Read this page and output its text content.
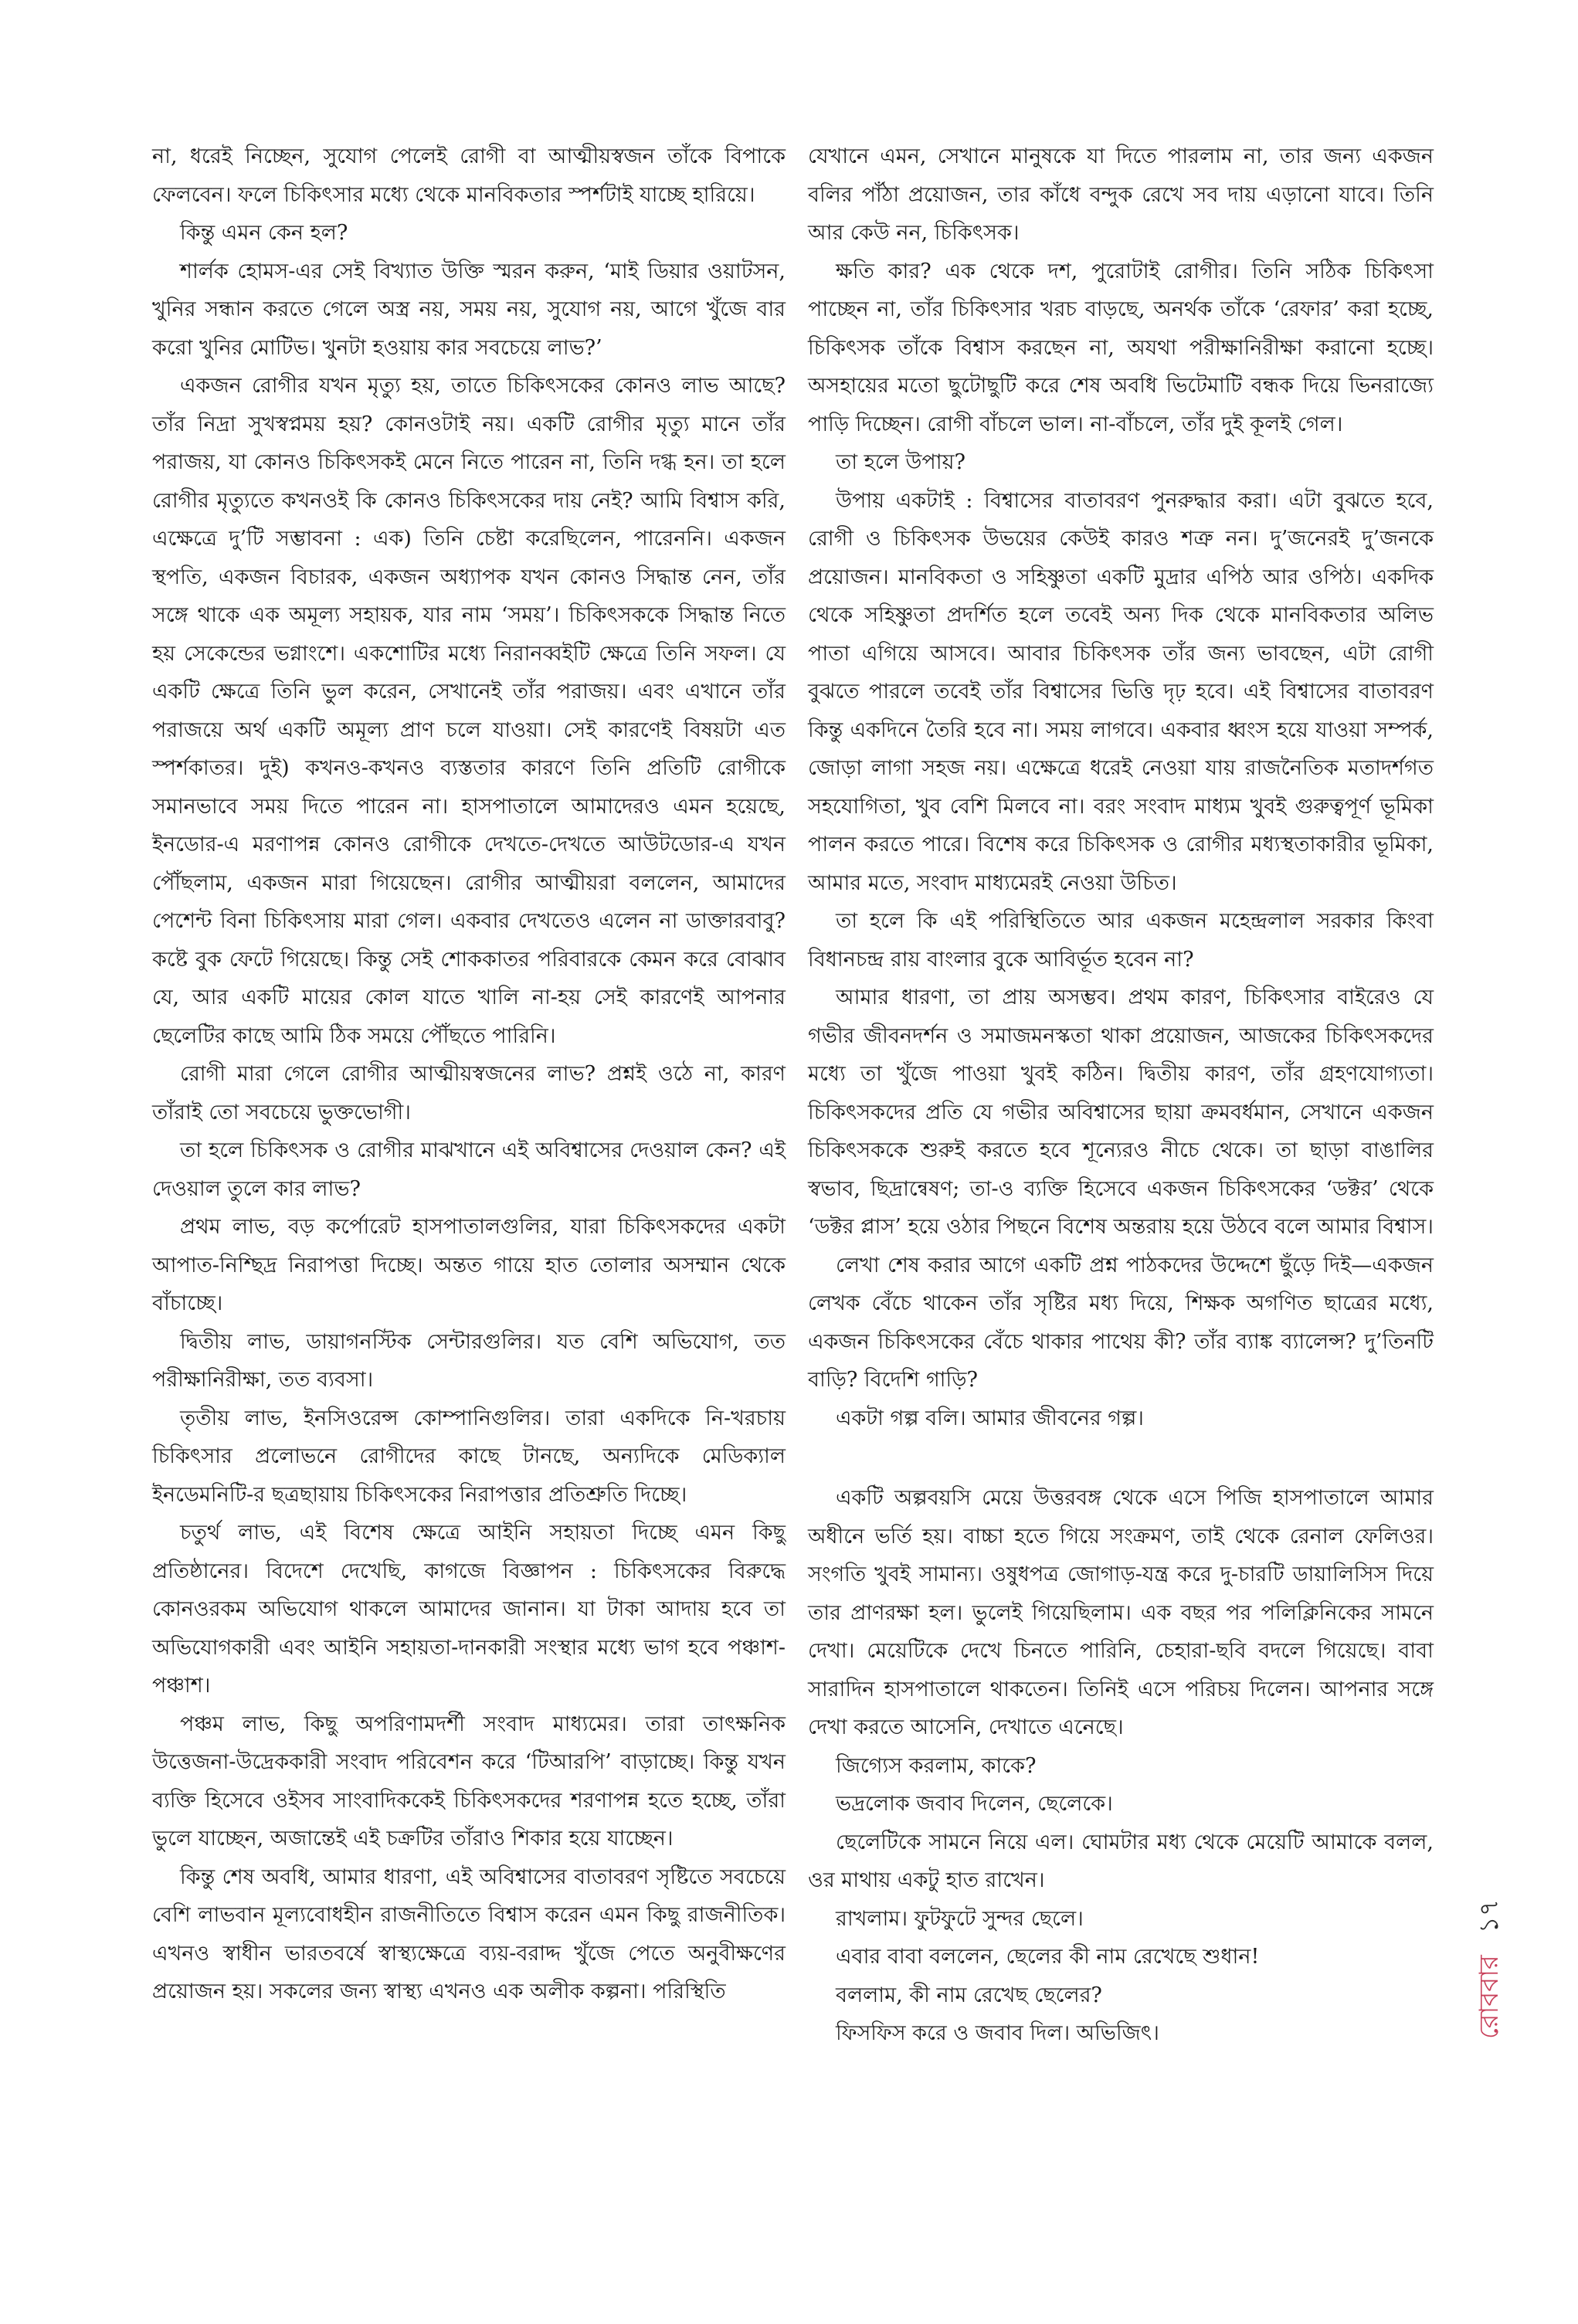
না, ধরেই নিচ্ছেন, সুযোগ পেলেই রোগী বা আত্মীয়স্বজন তাঁকে বিপাকে ফেলবেন। ফলে চিকিৎসার মধ্যে থেকে মানবিকতার স্পর্শটাই যাচ্ছে হারিয়ে।

কিন্তু এমন কেন হল?

শার্লক হোমস-এর সেই বিখ্যাত উক্তি স্মরন করুন, ‘মাই ডিয়ার ওয়াটসন, খুনির সন্ধান করতে গেলে অস্ত্র নয়, সময় নয়, সুযোগ নয়, আগে খুঁজে বার করো খুনির মোটিভ। খুনটা হওয়ায় কার সবচেয়ে লাভ?’

একজন রোগীর যখন মৃত্যু হয়, তাতে চিকিৎসকের কোনও লাভ আছে? তাঁর নিদ্রা সুখস্বপ্নময় হয়? কোনওটাই নয়। একটি রোগীর মৃত্যু মানে তাঁর পরাজয়, যা কোনও চিকিৎসকই মেনে নিতে পারেন না, তিনি দগ্ধ হন। তা হলে রোগীর মৃত্যুতে কখনওই কি কোনও চিকিৎসকের দায় নেই? আমি বিশ্বাস করি, এক্ষেত্রে দু’টি সম্ভাবনা : এক) তিনি চেষ্টা করেছিলেন, পারেননি। একজন স্থপতি, একজন বিচারক, একজন অধ্যাপক যখন কোনও সিদ্ধান্ত নেন, তাঁর সঙ্গে থাকে এক অমূল্য সহায়ক, যার নাম ‘সময়’। চিকিৎসককে সিদ্ধান্ত নিতে হয় সেকেন্ডের ভগ্নাংশে। একশোটির মধ্যে নিরানব্বইটি ক্ষেত্রে তিনি সফল। যে একটি ক্ষেত্রে তিনি ভুল করেন, সেখানেই তাঁর পরাজয়। এবং এখানে তাঁর পরাজয়ে অর্থ একটি অমূল্য প্রাণ চলে যাওয়া। সেই কারণেই বিষয়টা এত স্পর্শকাতর। দুই) কখনও-কখনও ব্যস্ততার কারণে তিনি প্রতিটি রোগীকে সমানভাবে সময় দিতে পারেন না। হাসপাতালে আমাদেরও এমন হয়েছে, ইনডোর-এ মরণাপন্ন কোনও রোগীকে দেখতে-দেখতে আউটডোর-এ যখন পৌঁছলাম, একজন মারা গিয়েছেন। রোগীর আত্মীয়রা বললেন, আমাদের পেশেন্ট বিনা চিকিৎসায় মারা গেল। একবার দেখতেও এলেন না ডাক্তারবাবু? কষ্টে বুক ফেটে গিয়েছে। কিন্তু সেই শোককাতর পরিবারকে কেমন করে বোঝাব যে, আর একটি মায়ের কোল যাতে খালি না-হয় সেই কারণেই আপনার ছেলেটির কাছে আমি ঠিক সময়ে পৌঁছতে পারিনি।

রোগী মারা গেলে রোগীর আত্মীয়স্বজনের লাভ? প্রশ্নই ওঠে না, কারণ তাঁরাই তো সবচেয়ে ভুক্তভোগী।

তা হলে চিকিৎসক ও রোগীর মাঝখানে এই অবিশ্বাসের দেওয়াল কেন? এই দেওয়াল তুলে কার লাভ?

প্রথম লাভ, বড় কর্পোরেট হাসপাতালগুলির, যারা চিকিৎসকদের একটা আপাত-নিশ্ছিদ্র নিরাপত্তা দিচ্ছে। অন্তত গায়ে হাত তোলার অসম্মান থেকে বাঁচাচ্ছে।

দ্বিতীয় লাভ, ডায়াগনস্টিক সেন্টারগুলির। যত বেশি অভিযোগ, তত পরীক্ষানিরীক্ষা, তত ব্যবসা।

তৃতীয় লাভ, ইনসিওরেন্স কোম্পানিগুলির। তারা একদিকে নি-খরচায় চিকিৎসার প্রলোভনে রোগীদের কাছে টানছে, অন্যদিকে মেডিক্যাল ইনডেমনিটি-র ছত্রছায়ায় চিকিৎসকের নিরাপত্তার প্রতিশ্রুতি দিচ্ছে।

চতুর্থ লাভ, এই বিশেষ ক্ষেত্রে আইনি সহায়তা দিচ্ছে এমন কিছু প্রতিষ্ঠানের। বিদেশে দেখেছি, কাগজে বিজ্ঞাপন : চিকিৎসকের বিরুদ্ধে কোনওরকম অভিযোগ থাকলে আমাদের জানান। যা টাকা আদায় হবে তা অভিযোগকারী এবং আইনি সহায়তা-দানকারী সংস্থার মধ্যে ভাগ হবে পঞ্চাশ-পঞ্চাশ।

পঞ্চম লাভ, কিছু অপরিণামদর্শী সংবাদ মাধ্যমের। তারা তাৎক্ষনিক উত্তেজনা-উদ্রেককারী সংবাদ পরিবেশন করে ‘টিআরপি’ বাড়াচ্ছে। কিন্তু যখন ব্যক্তি হিসেবে ওইসব সাংবাদিককেই চিকিৎসকদের শরণাপন্ন হতে হচ্ছে, তাঁরা ভুলে যাচ্ছেন, অজান্তেই এই চক্রটির তাঁরাও শিকার হয়ে যাচ্ছেন।

কিন্তু শেষ অবধি, আমার ধারণা, এই অবিশ্বাসের বাতাবরণ সৃষ্টিতে সবচেয়ে বেশি লাভবান মূল্যবোধহীন রাজনীতিতে বিশ্বাস করেন এমন কিছু রাজনীতিক। এখনও স্বাধীন ভারতবর্ষে স্বাস্থ্যক্ষেত্রে ব্যয়-বরাদ্দ খুঁজে পেতে অনুবীক্ষণের প্রয়োজন হয়। সকলের জন্য স্বাস্থ্য এখনও এক অলীক কল্পনা। পরিস্থিতি

যেখানে এমন, সেখানে মানুষকে যা দিতে পারলাম না, তার জন্য একজন বলির পাঁঠা প্রয়োজন, তার কাঁধে বন্দুক রেখে সব দায় এড়ানো যাবে। তিনি আর কেউ নন, চিকিৎসক।

ক্ষতি কার? এক থেকে দশ, পুরোটাই রোগীর। তিনি সঠিক চিকিৎসা পাচ্ছেন না, তাঁর চিকিৎসার খরচ বাড়ছে, অনর্থক তাঁকে ‘রেফার’ করা হচ্ছে, চিকিৎসক তাঁকে বিশ্বাস করছেন না, অযথা পরীক্ষানিরীক্ষা করানো হচ্ছে। অসহায়ের মতো ছুটোছুটি করে শেষ অবধি ভিটেমাটি বন্ধক দিয়ে ভিনরাজ্যে পাড়ি দিচ্ছেন। রোগী বাঁচলে ভাল। না-বাঁচলে, তাঁর দুই কূলই গেল।

তা হলে উপায়?

উপায় একটাই : বিশ্বাসের বাতাবরণ পুনরুদ্ধার করা। এটা বুঝতে হবে, রোগী ও চিকিৎসক উভয়ের কেউই কারও শত্রু নন। দু’জনেরই দু’জনকে প্রয়োজন। মানবিকতা ও সহিষ্ণুতা একটি মুদ্রার এপিঠ আর ওপিঠ। একদিক থেকে সহিষ্ণুতা প্রদর্শিত হলে তবেই অন্য দিক থেকে মানবিকতার অলিভ পাতা এগিয়ে আসবে। আবার চিকিৎসক তাঁর জন্য ভাবছেন, এটা রোগী বুঝতে পারলে তবেই তাঁর বিশ্বাসের ভিত্তি দৃঢ় হবে। এই বিশ্বাসের বাতাবরণ কিন্তু একদিনে তৈরি হবে না। সময় লাগবে। একবার ধ্বংস হয়ে যাওয়া সম্পর্ক, জোড়া লাগা সহজ নয়। এক্ষেত্রে ধরেই নেওয়া যায় রাজনৈতিক মতাদর্শগত সহযোগিতা, খুব বেশি মিলবে না। বরং সংবাদ মাধ্যম খুবই গুরুত্বপূর্ণ ভূমিকা পালন করতে পারে। বিশেষ করে চিকিৎসক ও রোগীর মধ্যস্থতাকারীর ভূমিকা, আমার মতে, সংবাদ মাধ্যমেরই নেওয়া উচিত।

তা হলে কি এই পরিস্থিতিতে আর একজন মহেন্দ্রলাল সরকার কিংবা বিধানচন্দ্র রায় বাংলার বুকে আবির্ভূত হবেন না?

আমার ধারণা, তা প্রায় অসম্ভব। প্রথম কারণ, চিকিৎসার বাইরেও যে গভীর জীবনদর্শন ও সমাজমনস্কতা থাকা প্রয়োজন, আজকের চিকিৎসকদের মধ্যে তা খুঁজে পাওয়া খুবই কঠিন। দ্বিতীয় কারণ, তাঁর গ্রহণযোগ্যতা। চিকিৎসকদের প্রতি যে গভীর অবিশ্বাসের ছায়া ক্রমবর্ধমান, সেখানে একজন চিকিৎসককে শুরুই করতে হবে শূন্যেরও নীচে থেকে। তা ছাড়া বাঙালির স্বভাব, ছিদ্রান্বেষণ; তা-ও ব্যক্তি হিসেবে একজন চিকিৎসকের ‘ডক্টর’ থেকে ‘ডক্টর প্লাস’ হয়ে ওঠার পিছনে বিশেষ অন্তরায় হয়ে উঠবে বলে আমার বিশ্বাস।

লেখা শেষ করার আগে একটি প্রশ্ন পাঠকদের উদ্দেশে ছুঁড়ে দিই—একজন লেখক বেঁচে থাকেন তাঁর সৃষ্টির মধ্য দিয়ে, শিক্ষক অগণিত ছাত্রের মধ্যে, একজন চিকিৎসকের বেঁচে থাকার পাথেয় কী? তাঁর ব্যাঙ্ক ব্যালেন্স? দু’তিনটি বাড়ি? বিদেশি গাড়ি?

একটা গল্প বলি। আমার জীবনের গল্প।

একটি অল্পবয়সি মেয়ে উত্তরবঙ্গ থেকে এসে পিজি হাসপাতালে আমার অধীনে ভর্তি হয়। বাচ্চা হতে গিয়ে সংক্রমণ, তাই থেকে রেনাল ফেলিওর। সংগতি খুবই সামান্য। ওষুধপত্র জোগাড়-যন্ত্র করে দু-চারটি ডায়ালিসিস দিয়ে তার প্রাণরক্ষা হল। ভুলেই গিয়েছিলাম। এক বছর পর পলিক্লিনিকের সামনে দেখা। মেয়েটিকে দেখে চিনতে পারিনি, চেহারা-ছবি বদলে গিয়েছে। বাবা সারাদিন হাসপাতালে থাকতেন। তিনিই এসে পরিচয় দিলেন। আপনার সঙ্গে দেখা করতে আসেনি, দেখাতে এনেছে।

জিগ্যেস করলাম, কাকে?

ভদ্রলোক জবাব দিলেন, ছেলেকে।

ছেলেটিকে সামনে নিয়ে এল। ঘোমটার মধ্য থেকে মেয়েটি আমাকে বলল, ওর মাথায় একটু হাত রাখেন।

রাখলাম। ফুটফুটে সুন্দর ছেলে।

এবার বাবা বললেন, ছেলের কী নাম রেখেছে শুধান!

বললাম, কী নাম রেখেছ ছেলের?

ফিসফিস করে ও জবাব দিল। অভিজিৎ।	রোববার
১৭
